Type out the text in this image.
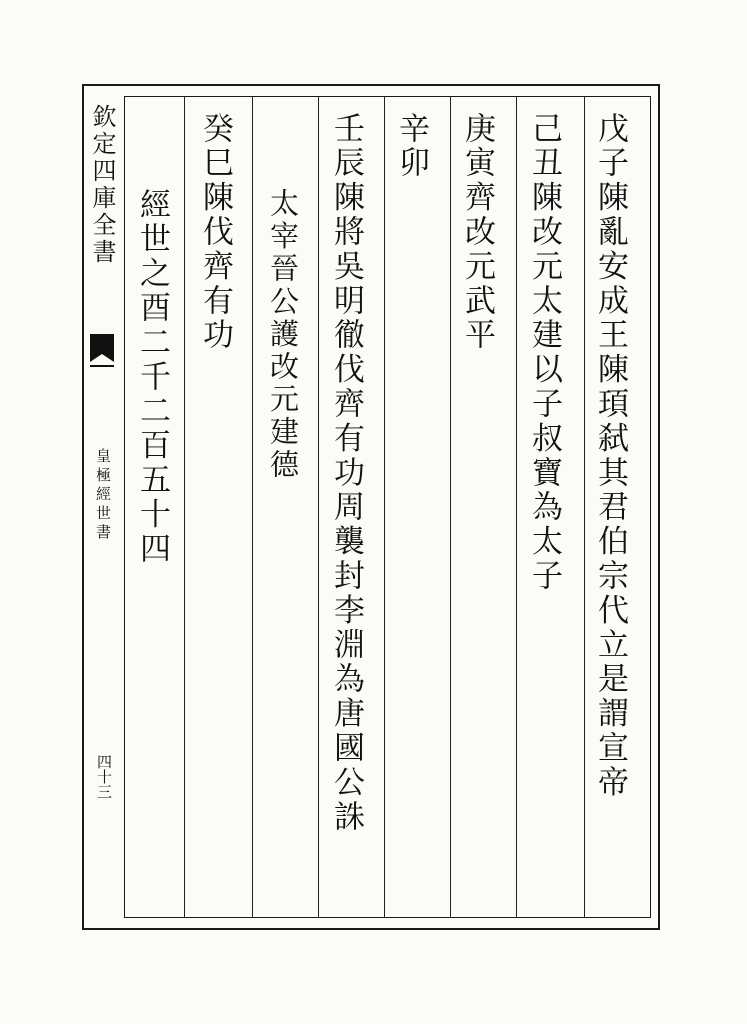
欽定四庫全書
皇極經世書
四十三	戊子陳亂安成王陳頊弑其君伯宗代立是謂宣帝
己丑陳改元太建以子叔寶為太子
庚寅齊改元武平
辛卯
壬辰陳將吳明徹伐齊有功周襲封李淵為唐國公誅
太宰晉公護改元建德
癸巳陳伐齊有功
經世之酉二千二百五十四
